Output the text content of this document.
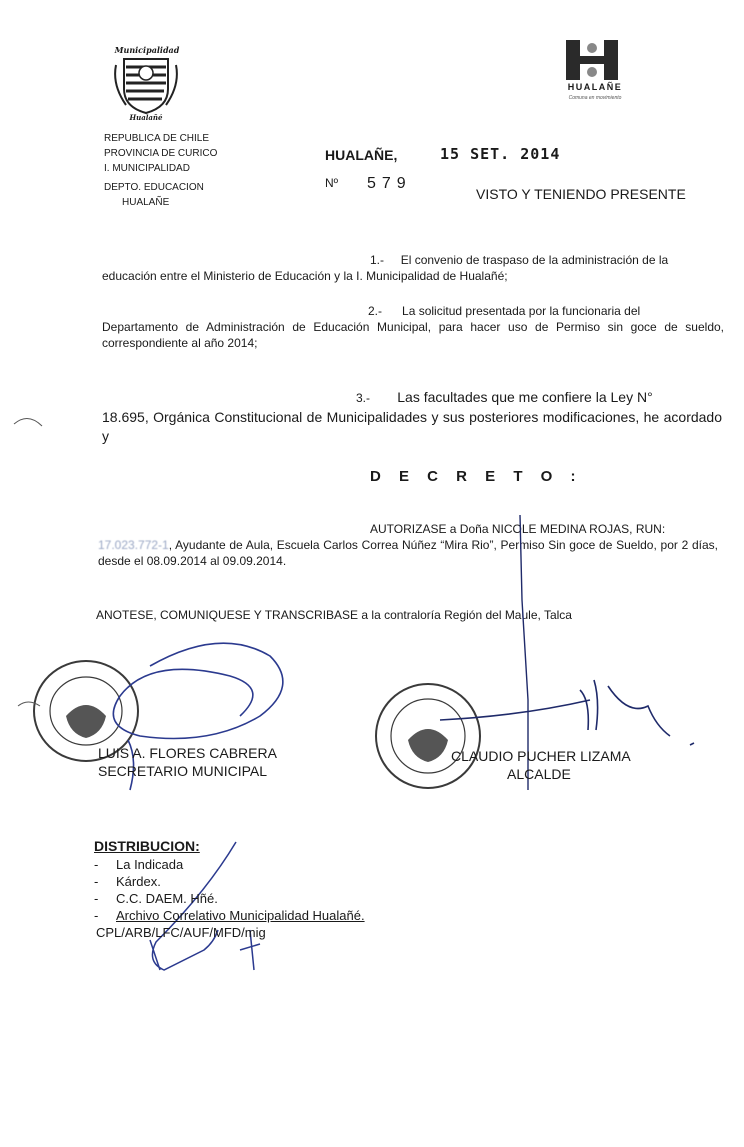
Municipalidad
Hualañé
HUALAÑE
Comuna en movimiento
REPUBLICA DE CHILE
PROVINCIA DE CURICO
I. MUNICIPALIDAD
DEPTO. EDUCACION
HUALAÑE
HUALAÑE,	15 SET. 2014
Nº 579
VISTO Y TENIENDO PRESENTE
1.- El convenio de traspaso de la administración de la
educación entre el Ministerio de Educación y la I. Municipalidad de Hualañé;
2.- La solicitud presentada por la funcionaria del
Departamento de Administración de Educación Municipal, para hacer uso de Permiso sin goce de sueldo, correspondiente al año 2014;
3.- Las facultades que me confiere la Ley N°
18.695, Orgánica Constitucional de Municipalidades y sus posteriores modificaciones, he acordado y
D E C R E T O :
AUTORIZASE a Doña NICOLE MEDINA ROJAS, RUN:
17.023.772-1, Ayudante de Aula, Escuela Carlos Correa Núñez “Mira Rio”, Permiso Sin goce de Sueldo, por 2 días, desde el 08.09.2014 al 09.09.2014.
ANOTESE, COMUNIQUESE Y TRANSCRIBASE a la contraloría Región del Maule, Talca
LUIS A. FLORES CABRERA
SECRETARIO MUNICIPAL
CLAUDIO PUCHER LIZAMA
ALCALDE
DISTRIBUCION:
-	La Indicada
-	Kárdex.
-	C.C. DAEM. Hñé.
-	Archivo Correlativo Municipalidad Hualañé.
CPL/ARB/LFC/AUF/MFD/mig
